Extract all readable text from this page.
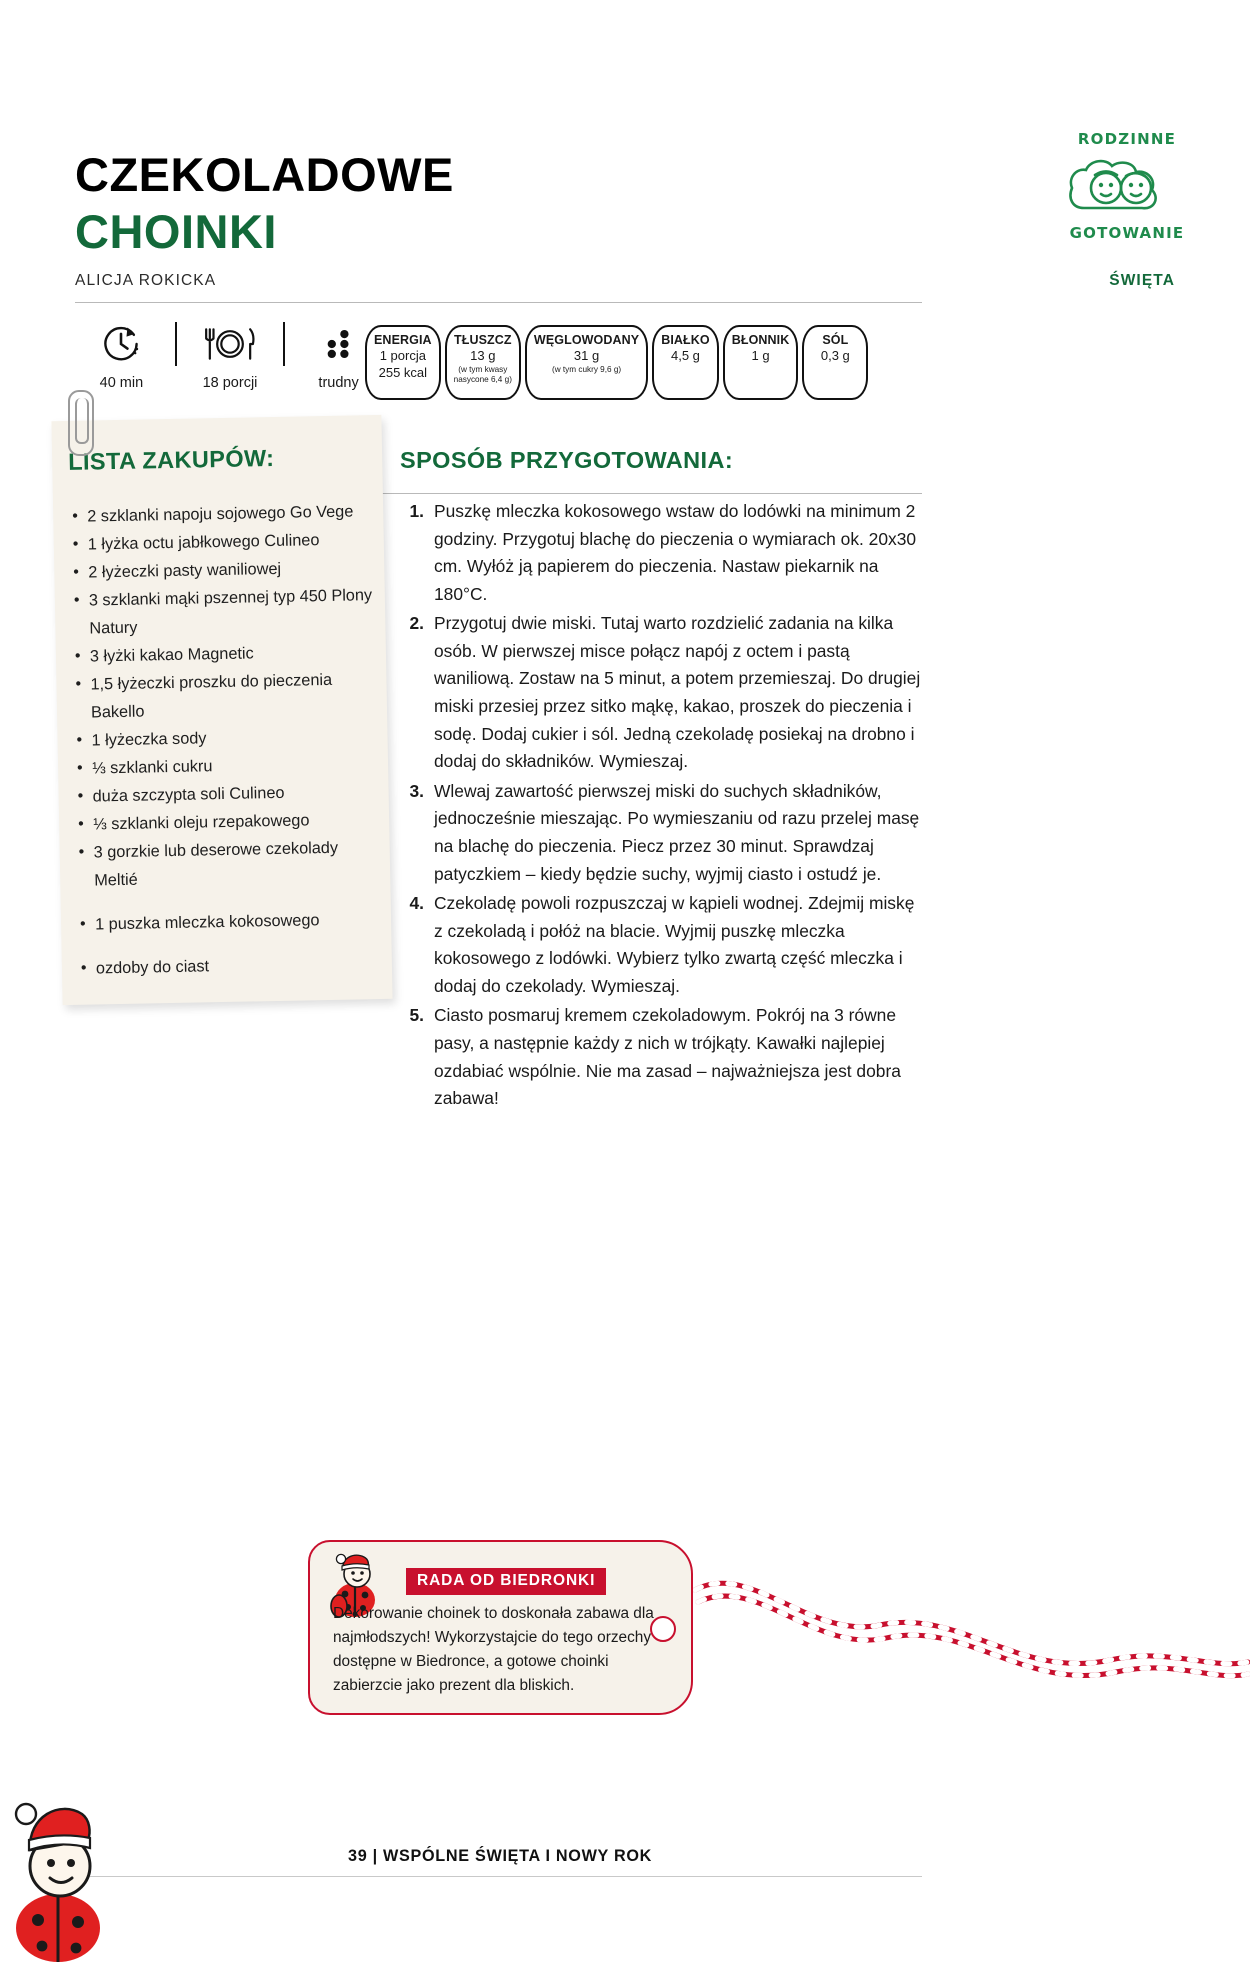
CZEKOLADOWE
CHOINKI
ALICJA ROKICKA	ŚWIĘTA
RODZINNE
GOTOWANIE
40 min	18 porcji	trudny
ENERGIA
1 porcja
255 kcal
TŁUSZCZ
13 g
(w tym kwasy
nasycone 6,4 g)
WĘGLOWODANY
31 g
(w tym cukry 9,6 g)
BIAŁKO
4,5 g
BŁONNIK
1 g
SÓL
0,3 g
LISTA ZAKUPÓW:
• 2 szklanki napoju sojowego Go Vege
• 1 łyżka octu jabłkowego Culineo
• 2 łyżeczki pasty waniliowej
• 3 szklanki mąki pszennej typ 450 Plony Natury
• 3 łyżki kakao Magnetic
• 1,5 łyżeczki proszku do pieczenia Bakello
• 1 łyżeczka sody
• ⅓ szklanki cukru
• duża szczypta soli Culineo
• ⅓ szklanki oleju rzepakowego
• 3 gorzkie lub deserowe czekolady Meltié
• 1 puszka mleczka kokosowego
• ozdoby do ciast
SPOSÓB PRZYGOTOWANIA:
1. Puszkę mleczka kokosowego wstaw do lodówki na minimum 2 godziny. Przygotuj blachę do pieczenia o wymiarach ok. 20x30 cm. Wyłóż ją papierem do pieczenia. Nastaw piekarnik na 180°C.
2. Przygotuj dwie miski. Tutaj warto rozdzielić zadania na kilka osób. W pierwszej misce połącz napój z octem i pastą waniliową. Zostaw na 5 minut, a potem przemieszaj. Do drugiej miski przesiej przez sitko mąkę, kakao, proszek do pieczenia i sodę. Dodaj cukier i sól. Jedną czekoladę posiekaj na drobno i dodaj do składników. Wymieszaj.
3. Wlewaj zawartość pierwszej miski do suchych składników, jednocześnie mieszając. Po wymieszaniu od razu przelej masę na blachę do pieczenia. Piecz przez 30 minut. Sprawdzaj patyczkiem – kiedy będzie suchy, wyjmij ciasto i ostudź je.
4. Czekoladę powoli rozpuszczaj w kąpieli wodnej. Zdejmij miskę z czekoladą i połóż na blacie. Wyjmij puszkę mleczka kokosowego z lodówki. Wybierz tylko zwartą część mleczka i dodaj do czekolady. Wymieszaj.
5. Ciasto posmaruj kremem czekoladowym. Pokrój na 3 równe pasy, a następnie każdy z nich w trójkąty. Kawałki najlepiej ozdabiać wspólnie. Nie ma zasad – najważniejsza jest dobra zabawa!
RADA OD BIEDRONKI
Dekorowanie choinek to doskonała zabawa dla najmłodszych! Wykorzystajcie do tego orzechy dostępne w Biedronce, a gotowe choinki zabierzcie jako prezent dla bliskich.
39 | WSPÓLNE ŚWIĘTA I NOWY ROK
